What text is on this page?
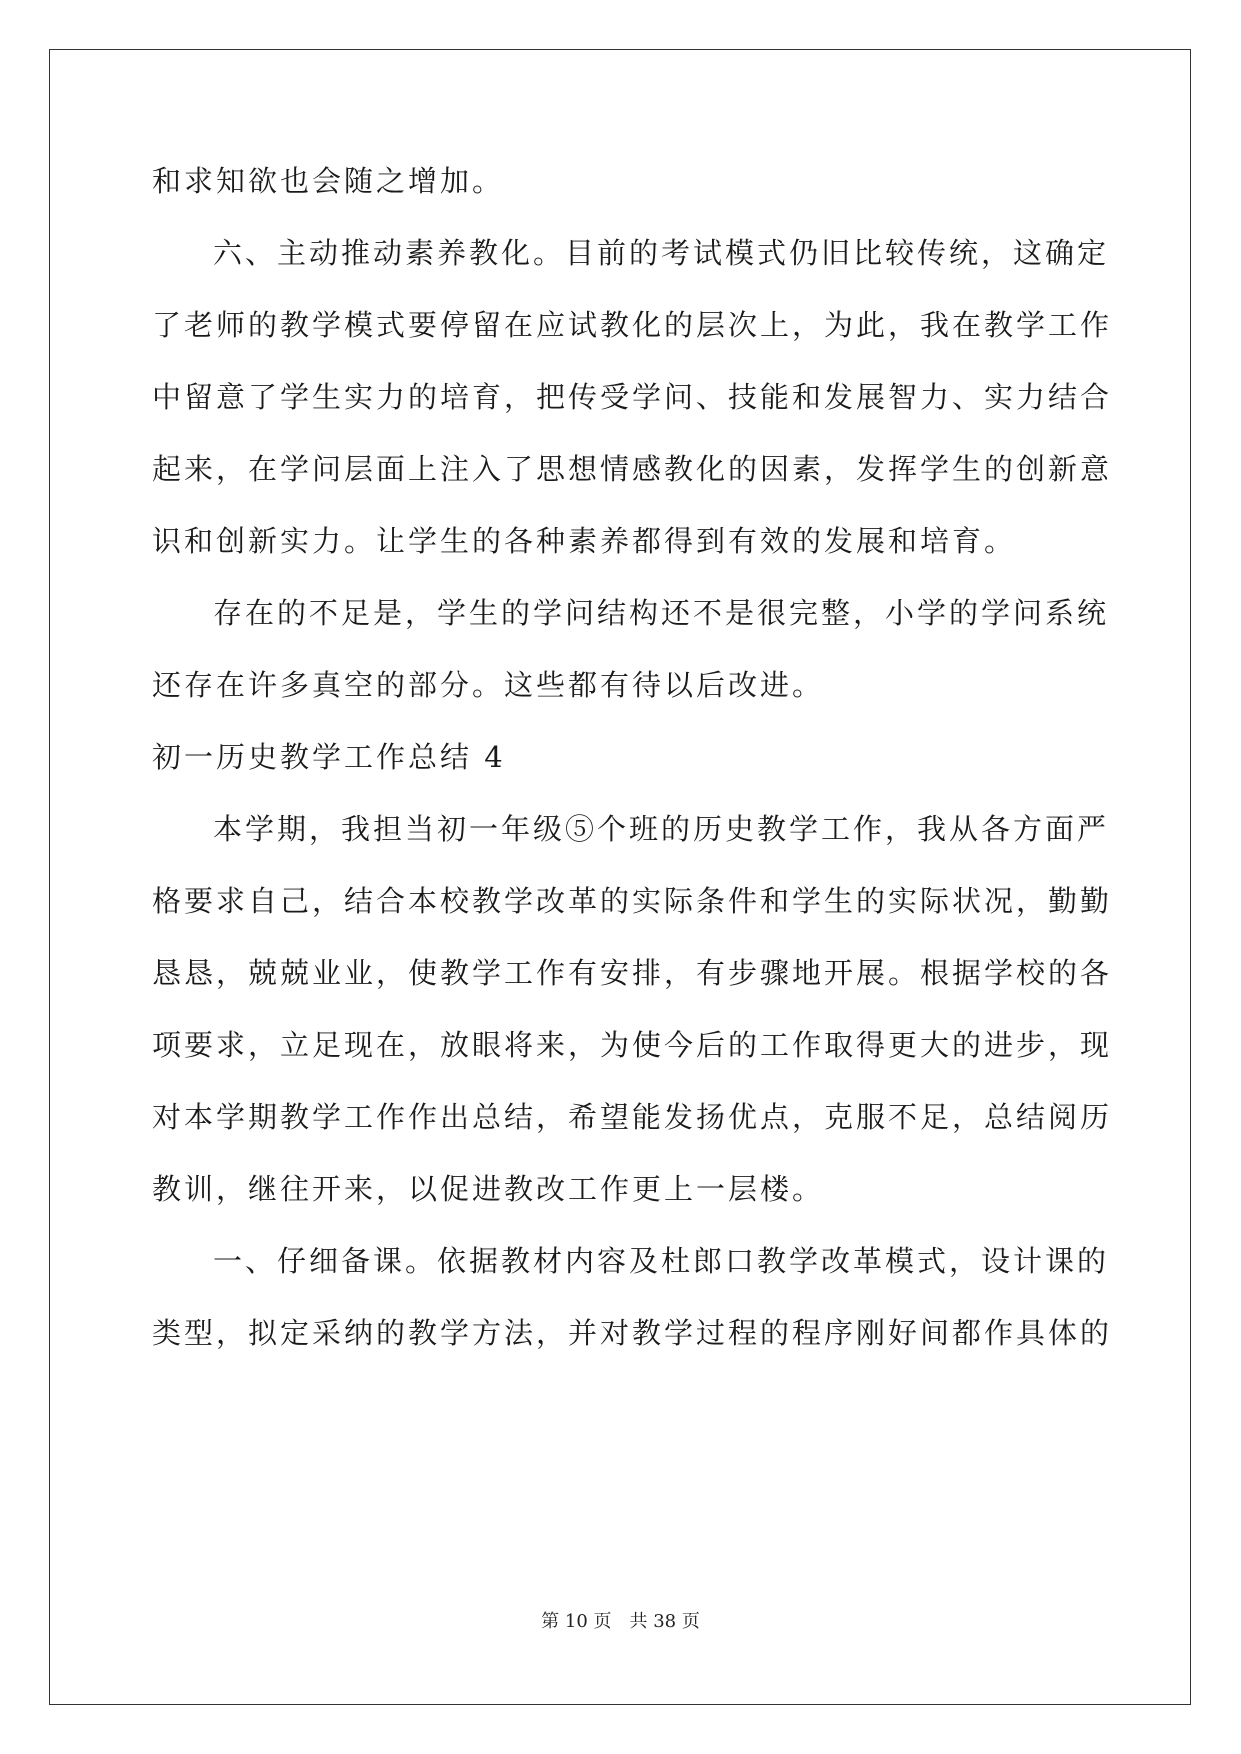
和求知欲也会随之增加。
六、主动推动素养教化。目前的考试模式仍旧比较传统，这确定
了老师的教学模式要停留在应试教化的层次上，为此，我在教学工作
中留意了学生实力的培育，把传受学问、技能和发展智力、实力结合
起来，在学问层面上注入了思想情感教化的因素，发挥学生的创新意
识和创新实力。让学生的各种素养都得到有效的发展和培育。
存在的不足是，学生的学问结构还不是很完整，小学的学问系统
还存在许多真空的部分。这些都有待以后改进。
初一历史教学工作总结 4
本学期，我担当初一年级⑤个班的历史教学工作，我从各方面严
格要求自己，结合本校教学改革的实际条件和学生的实际状况，勤勤
恳恳，兢兢业业，使教学工作有安排，有步骤地开展。根据学校的各
项要求，立足现在，放眼将来，为使今后的工作取得更大的进步，现
对本学期教学工作作出总结，希望能发扬优点，克服不足，总结阅历
教训，继往开来，以促进教改工作更上一层楼。
一、仔细备课。依据教材内容及杜郎口教学改革模式，设计课的
类型，拟定采纳的教学方法，并对教学过程的程序刚好间都作具体的
第 10 页 共 38 页
